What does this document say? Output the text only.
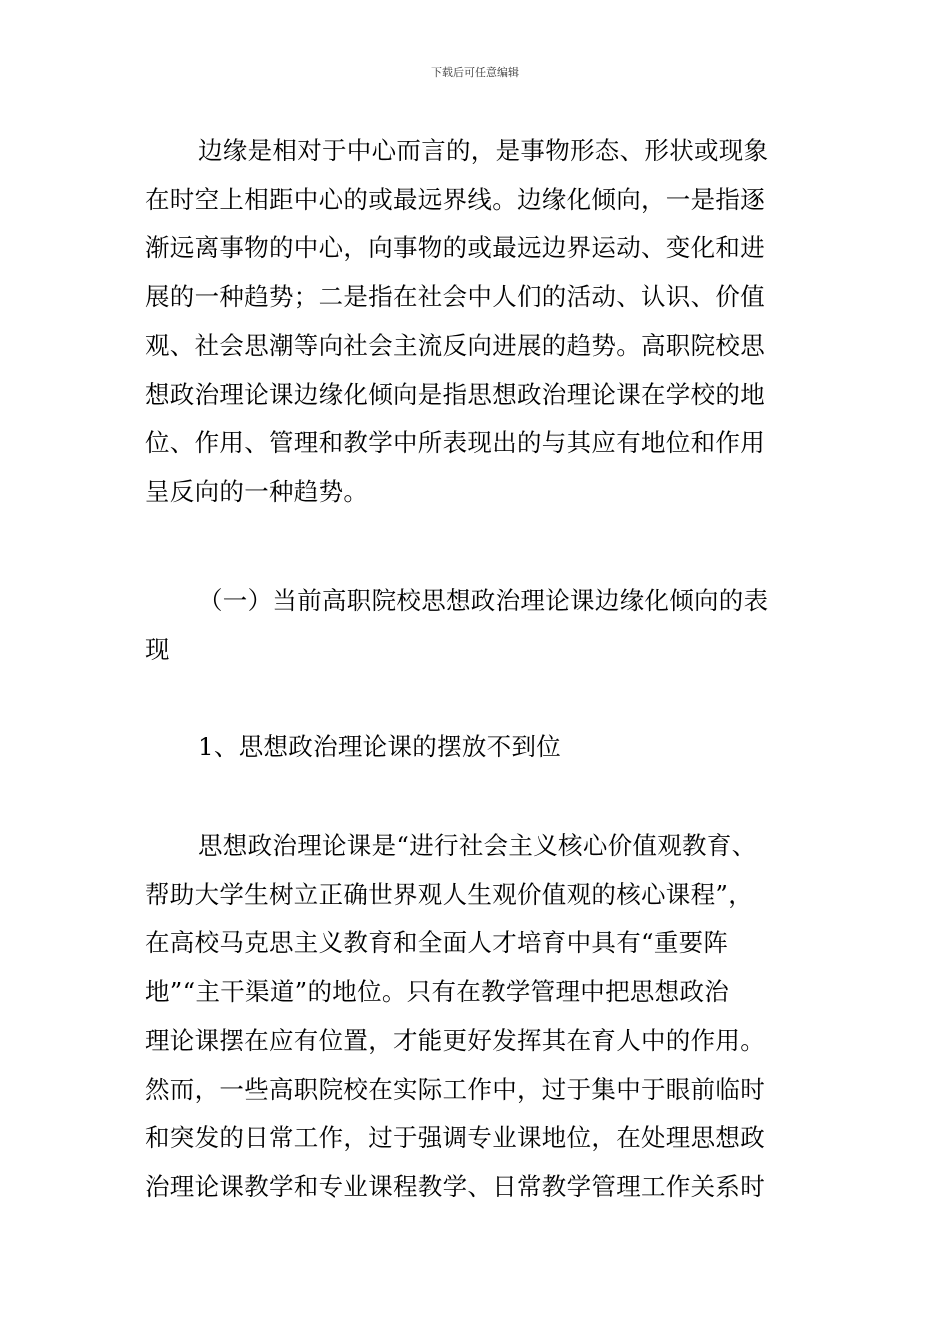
下载后可任意编辑
边缘是相对于中心而言的，是事物形态、形状或现象
在时空上相距中心的或最远界线。边缘化倾向，一是指逐
渐远离事物的中心，向事物的或最远边界运动、变化和进
展的一种趋势；二是指在社会中人们的活动、认识、价值
观、社会思潮等向社会主流反向进展的趋势。高职院校思
想政治理论课边缘化倾向是指思想政治理论课在学校的地
位、作用、管理和教学中所表现出的与其应有地位和作用
呈反向的一种趋势。
（一）当前高职院校思想政治理论课边缘化倾向的表
现
1、思想政治理论课的摆放不到位
思想政治理论课是“进行社会主义核心价值观教育、
帮助大学生树立正确世界观人生观价值观的核心课程”，
在高校马克思主义教育和全面人才培育中具有“重要阵
地”“主干渠道”的地位。只有在教学管理中把思想政治
理论课摆在应有位置，才能更好发挥其在育人中的作用。
然而，一些高职院校在实际工作中，过于集中于眼前临时
和突发的日常工作，过于强调专业课地位，在处理思想政
治理论课教学和专业课程教学、日常教学管理工作关系时
